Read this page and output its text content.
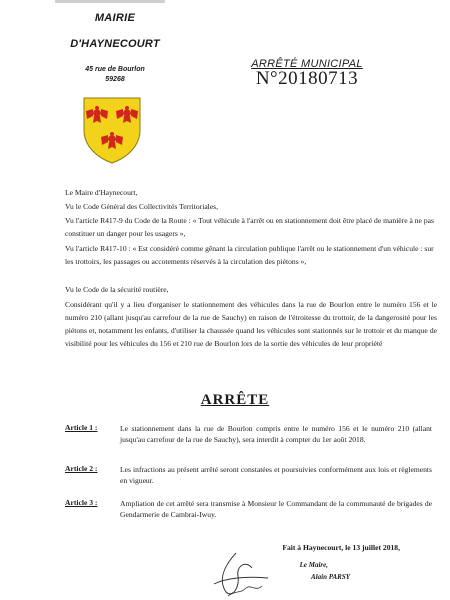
MAIRIE
D'HAYNECOURT
45 rue de Bourlon
59268
ARRÊTÉ MUNICIPAL
N°20180713
Le Maire d'Haynecourt,
Vu le Code Général des Collectivités Territoriales,
Vu l'article R417-9 du Code de la Route : « Tout véhicule à l'arrêt ou en stationnement doit être placé de manière à ne pas constituer un danger pour les usagers »,
Vu l'article R417-10 : « Est considéré comme gênant la circulation publique l'arrêt ou le stationnement d'un véhicule : sur les trottoirs, les passages ou accotements réservés à la circulation des piétons »,
Vu le Code de la sécurité routière,
Considérant qu'il y a lieu d'organiser le stationnement des véhicules dans la rue de Bourlon entre le numéro 156 et le numéro 210 (allant jusqu'au carrefour de la rue de Sauchy) en raison de l'étroitesse du trottoir, de la dangerosité pour les piétons et, notamment les enfants, d'utiliser la chaussée quand les véhicules sont stationnés sur le trottoir et du manque de visibilité pour les véhicules du 156 et 210 rue de Bourlon lors de la sortie des véhicules de leur propriété
ARRÊTE
Article 1 :	Le stationnement dans la rue de Bourlon compris entre le numéro 156 et le numéro 210 (allant jusqu'au carrefour de la rue de Sauchy), sera interdit à compter du 1er août 2018.
Article 2 :	Les infractions au présent arrêté seront constatées et poursuivies conformément aux lois et règlements en vigueur.
Article 3 :	Ampliation de cet arrêté sera transmise à Monsieur le Commandant de la communauté de brigades de Gendarmerie de Cambrai-Iwuy.
Fait à Haynecourt, le 13 juillet 2018,
Le Maire,
Alain PARSY
